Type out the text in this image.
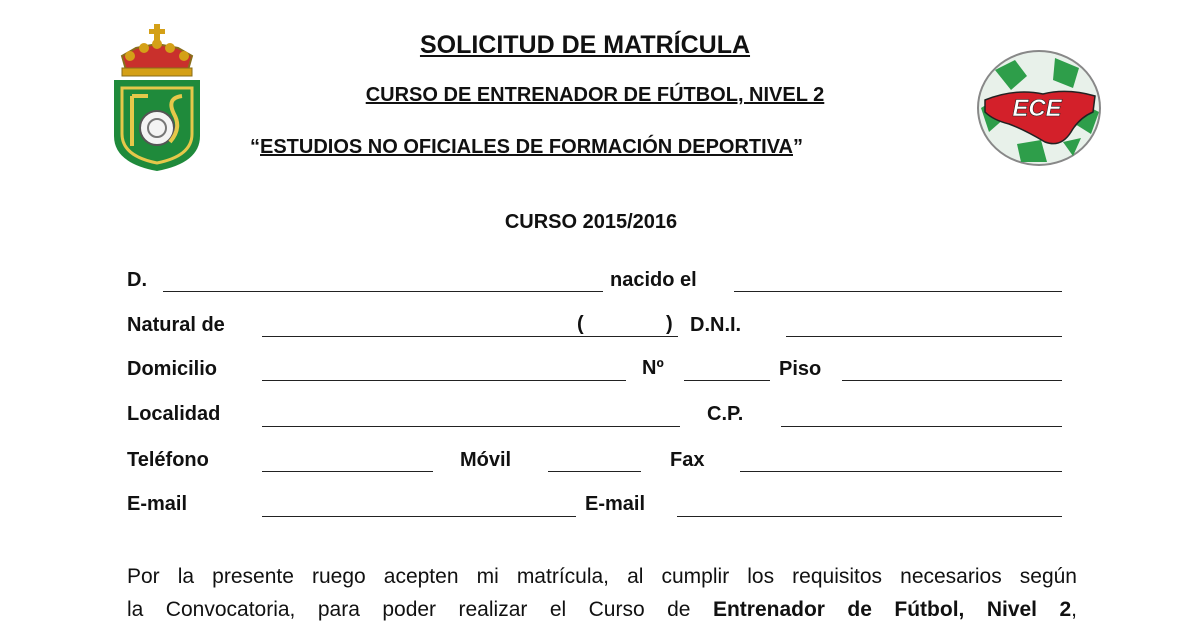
ECE
SOLICITUD DE MATRÍCULA
CURSO DE ENTRENADOR DE FÚTBOL, NIVEL 2
“ESTUDIOS NO OFICIALES DE FORMACIÓN DEPORTIVA”
CURSO 2015/2016
D.	nacido el
Natural de	(	) D.N.I.
Domicilio	Nº	Piso
Localidad	C.P.
Teléfono	Móvil	Fax
E-mail	E-mail
Por la presente ruego acepten mi matrícula, al cumplir los requisitos necesarios según
la Convocatoria, para poder realizar el Curso de Entrenador de Fútbol, Nivel 2,
